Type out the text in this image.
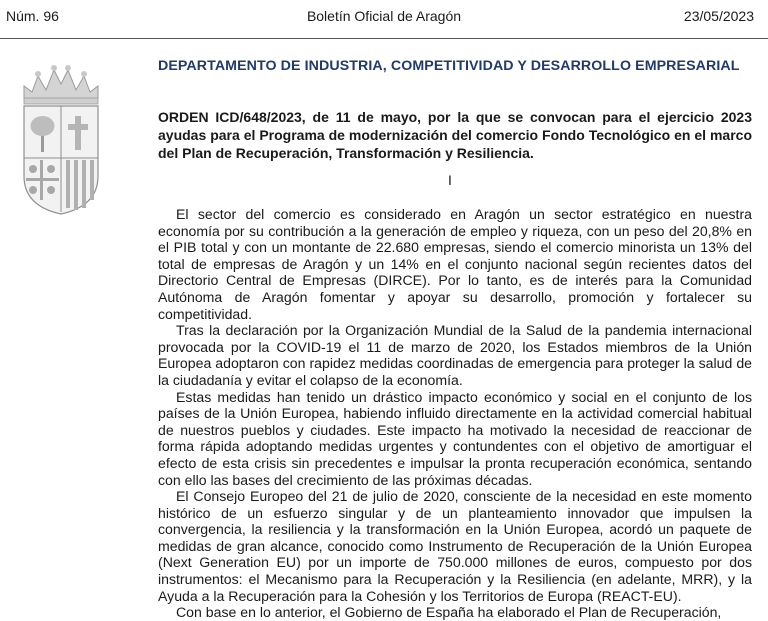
Núm. 96	Boletín Oficial de Aragón	23/05/2023
DEPARTAMENTO DE INDUSTRIA, COMPETITIVIDAD Y DESARROLLO EMPRESARIAL
ORDEN ICD/648/2023, de 11 de mayo, por la que se convocan para el ejercicio 2023 ayudas para el Programa de modernización del comercio Fondo Tecnológico en el marco del Plan de Recuperación, Transformación y Resiliencia.
I

El sector del comercio es considerado en Aragón un sector estratégico en nuestra economía por su contribución a la generación de empleo y riqueza, con un peso del 20,8% en el PIB total y con un montante de 22.680 empresas, siendo el comercio minorista un 13% del total de empresas de Aragón y un 14% en el conjunto nacional según recientes datos del Directorio Central de Empresas (DIRCE). Por lo tanto, es de interés para la Comunidad Autónoma de Aragón fomentar y apoyar su desarrollo, promoción y fortalecer su competitividad.

Tras la declaración por la Organización Mundial de la Salud de la pandemia internacional provocada por la COVID-19 el 11 de marzo de 2020, los Estados miembros de la Unión Europea adoptaron con rapidez medidas coordinadas de emergencia para proteger la salud de la ciudadanía y evitar el colapso de la economía.

Estas medidas han tenido un drástico impacto económico y social en el conjunto de los países de la Unión Europea, habiendo influido directamente en la actividad comercial habitual de nuestros pueblos y ciudades. Este impacto ha motivado la necesidad de reaccionar de forma rápida adoptando medidas urgentes y contundentes con el objetivo de amortiguar el efecto de esta crisis sin precedentes e impulsar la pronta recuperación económica, sentando con ello las bases del crecimiento de las próximas décadas.

El Consejo Europeo del 21 de julio de 2020, consciente de la necesidad en este momento histórico de un esfuerzo singular y de un planteamiento innovador que impulsen la convergencia, la resiliencia y la transformación en la Unión Europea, acordó un paquete de medidas de gran alcance, conocido como Instrumento de Recuperación de la Unión Europea (Next Generation EU) por un importe de 750.000 millones de euros, compuesto por dos instrumentos: el Mecanismo para la Recuperación y la Resiliencia (en adelante, MRR), y la Ayuda a la Recuperación para la Cohesión y los Territorios de Europa (REACT-EU).

Con base en lo anterior, el Gobierno de España ha elaborado el Plan de Recuperación,
